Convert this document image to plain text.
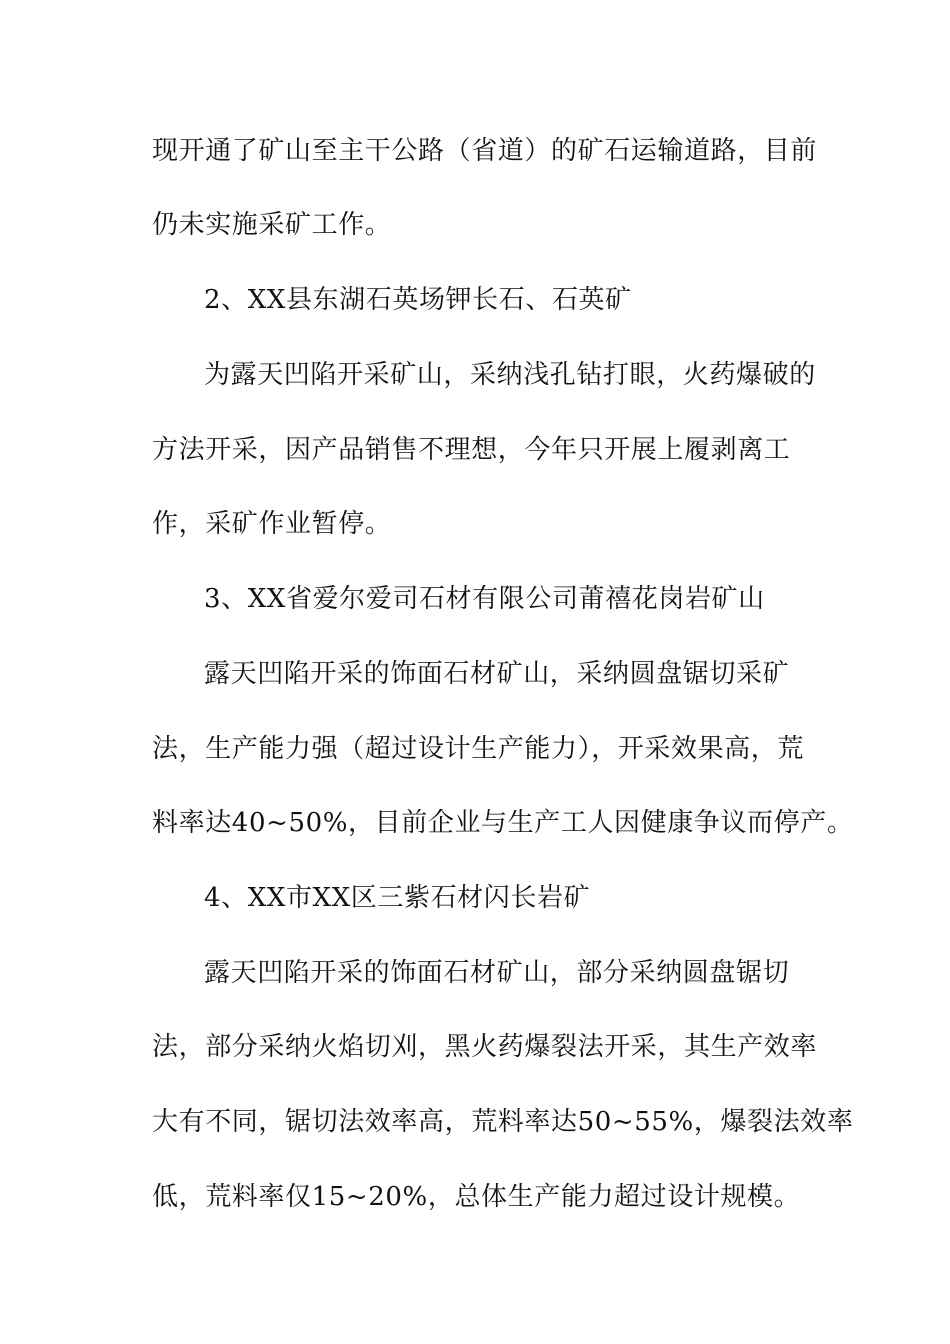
现开通了矿山至主干公路（省道）的矿石运输道路，目前
仍未实施采矿工作。
2、XX县东湖石英场钾长石、石英矿
为露天凹陷开采矿山，采纳浅孔钻打眼，火药爆破的
方法开采，因产品销售不理想，今年只开展上履剥离工
作，采矿作业暂停。
3、XX省爱尔爱司石材有限公司莆禧花岗岩矿山
露天凹陷开采的饰面石材矿山，采纳圆盘锯切采矿
法，生产能力强（超过设计生产能力），开采效果高，荒
料率达40~50%，目前企业与生产工人因健康争议而停产。
4、XX市XX区三紫石材闪长岩矿
露天凹陷开采的饰面石材矿山，部分采纳圆盘锯切
法，部分采纳火焰切刈，黑火药爆裂法开采，其生产效率
大有不同，锯切法效率高，荒料率达50~55%，爆裂法效率
低，荒料率仅15~20%，总体生产能力超过设计规模。
